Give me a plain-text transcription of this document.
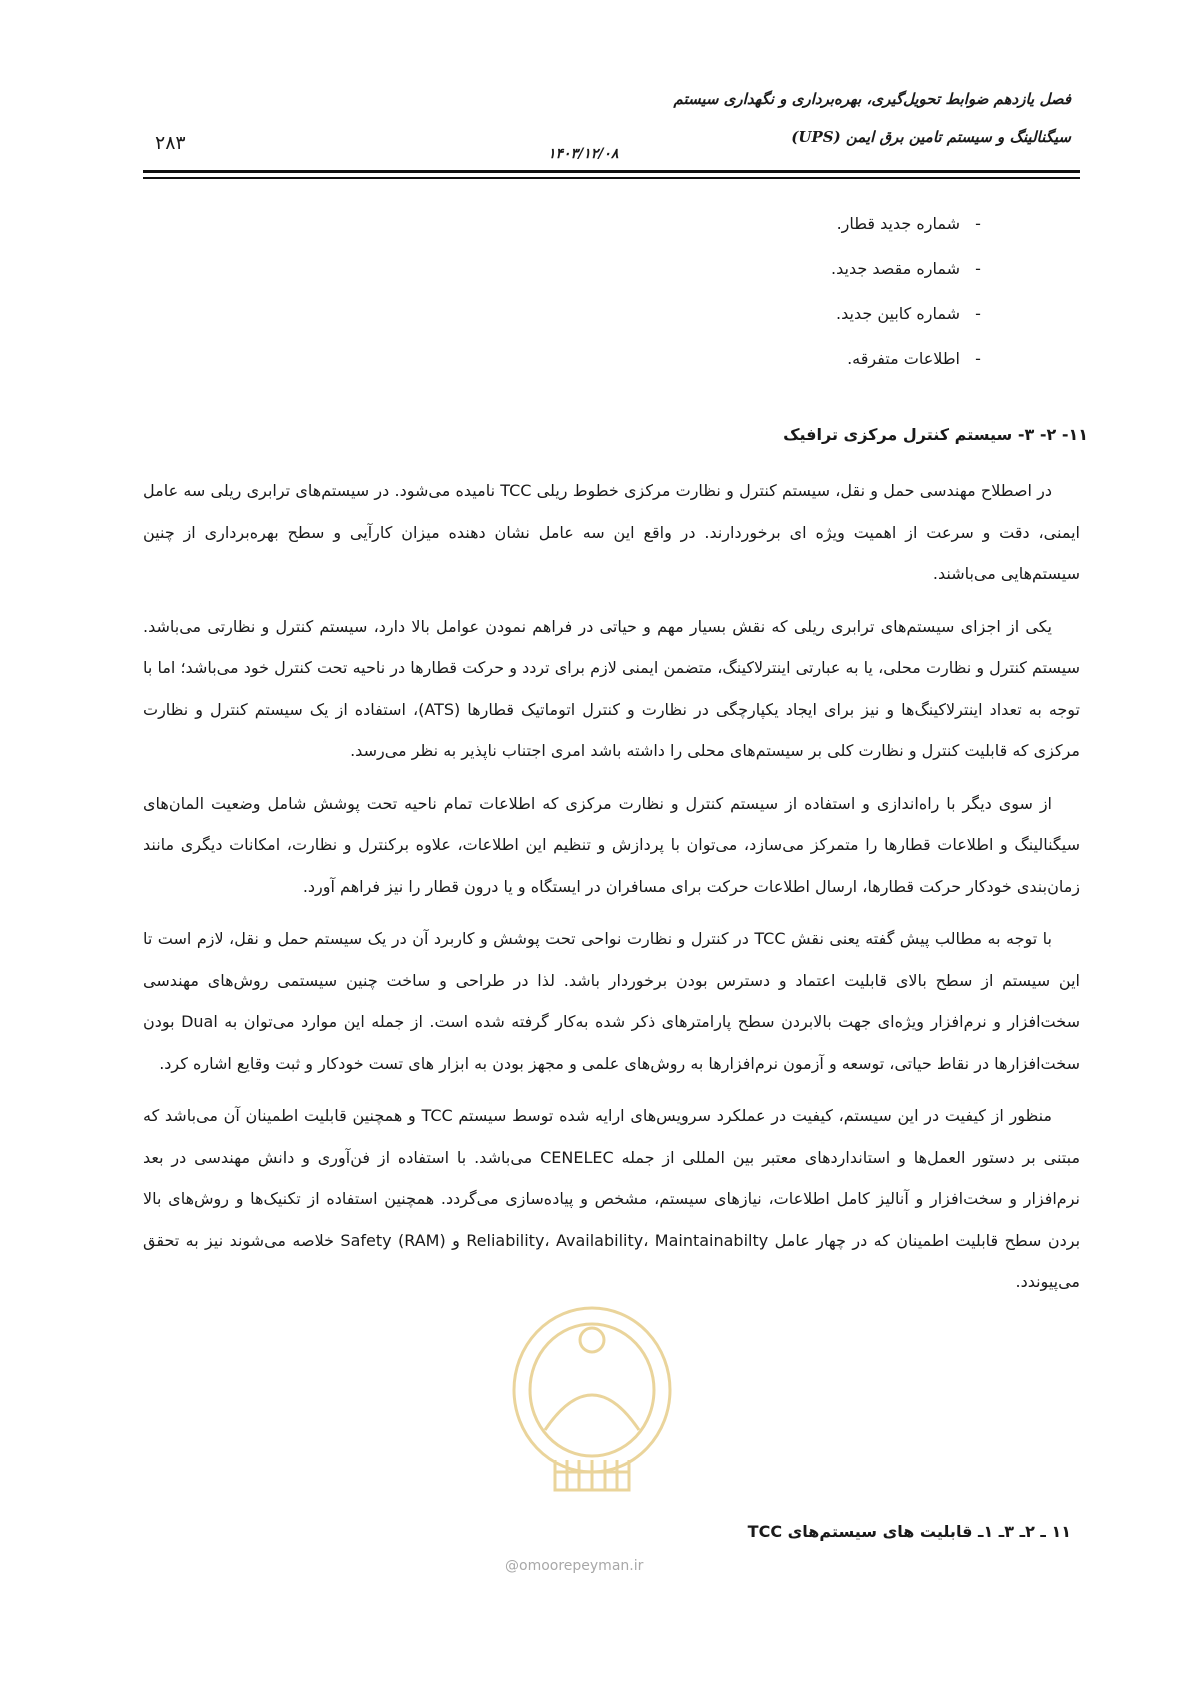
فصل یازدهم ضوابط تحویل‌گیری، بهره‌برداری و نگهداری سیستم
سیگنالینگ و سیستم تامین برق ایمن (UPS)
۲۸۳	۱۴۰۳/۱۲/۰۸
-
شماره جدید قطار.
-
شماره مقصد جدید.
-
شماره کابین جدید.
-
اطلاعات متفرقه.
۱۱- ۲- ۳- سیستم کنترل مرکزی ترافیک

در اصطلاح مهندسی حمل و نقل، سیستم کنترل و نظارت مرکزی خطوط ریلی TCC نامیده می‌شود. در سیستم‌های ترابری ریلی سه عامل ایمنی، دقت و سرعت از اهمیت ویژه ای برخوردارند. در واقع این سه عامل نشان دهنده میزان کارآیی و سطح بهره‌برداری از چنین سیستم‌هایی می‌باشند.

یکی از اجزای سیستم‌های ترابری ریلی که نقش بسیار مهم و حیاتی در فراهم نمودن عوامل بالا دارد، سیستم کنترل و نظارتی می‌باشد. سیستم کنترل و نظارت محلی، یا به عبارتی اینترلاکینگ، متضمن ایمنی لازم برای تردد و حرکت قطارها در ناحیه تحت کنترل خود می‌باشد؛ اما با توجه به تعداد اینترلاکینگ‌ها و نیز برای ایجاد یکپارچگی در نظارت و کنترل اتوماتیک قطارها (ATS)، استفاده از یک سیستم کنترل و نظارت مرکزی که قابلیت کنترل و نظارت کلی بر سیستم‌های محلی را داشته باشد امری اجتناب ناپذیر به نظر می‌رسد.

از سوی دیگر با راه‌اندازی و استفاده از سیستم کنترل و نظارت مرکزی که اطلاعات تمام ناحیه تحت پوشش شامل وضعیت المان‌های سیگنالینگ و اطلاعات قطارها را متمرکز می‌سازد، می‌توان با پردازش و تنظیم این اطلاعات، علاوه برکنترل و نظارت، امکانات دیگری مانند زمان‌بندی خودکار حرکت قطارها، ارسال اطلاعات حرکت برای مسافران در ایستگاه و یا درون قطار را نیز فراهم آورد.

با توجه به مطالب پیش گفته یعنی نقش TCC در کنترل و نظارت نواحی تحت پوشش و کاربرد آن در یک سیستم حمل و نقل، لازم است تا این سیستم از سطح بالای قابلیت اعتماد و دسترس بودن برخوردار باشد. لذا در طراحی و ساخت چنین سیستمی روش‌های مهندسی سخت‌افزار و نرم‌افزار ویژه‌ای جهت بالابردن سطح پارامترهای ذکر شده به‌کار گرفته شده است. از جمله این موارد می‌توان به Dual بودن سخت‌افزارها در نقاط حیاتی، توسعه و آزمون نرم‌افزارها به روش‌های علمی و مجهز بودن به ابزار های تست خودکار و ثبت وقایع اشاره کرد.

منظور از کیفیت در این سیستم، کیفیت در عملکرد سرویس‌های ارایه شده توسط سیستم TCC و همچنین قابلیت اطمینان آن می‌باشد که مبتنی بر دستور العمل‌ها و استانداردهای معتبر بین المللی از جمله CENELEC می‌باشد. با استفاده از فن‌آوری و دانش مهندسی در بعد نرم‌افزار و سخت‌افزار و آنالیز کامل اطلاعات، نیازهای سیستم، مشخص و پیاده‌سازی می‌گردد. همچنین استفاده از تکنیک‌ها و روش‌های بالا بردن سطح قابلیت اطمینان که در چهار عامل Reliability، Availability، Maintainabilty و Safety (RAM) خلاصه می‌شوند نیز به تحقق می‌پیوندد.

۱۱ ـ ۲ـ ۳ـ ۱ـ قابلیت های سیستم‌های TCC
@omoorepeyman.ir
